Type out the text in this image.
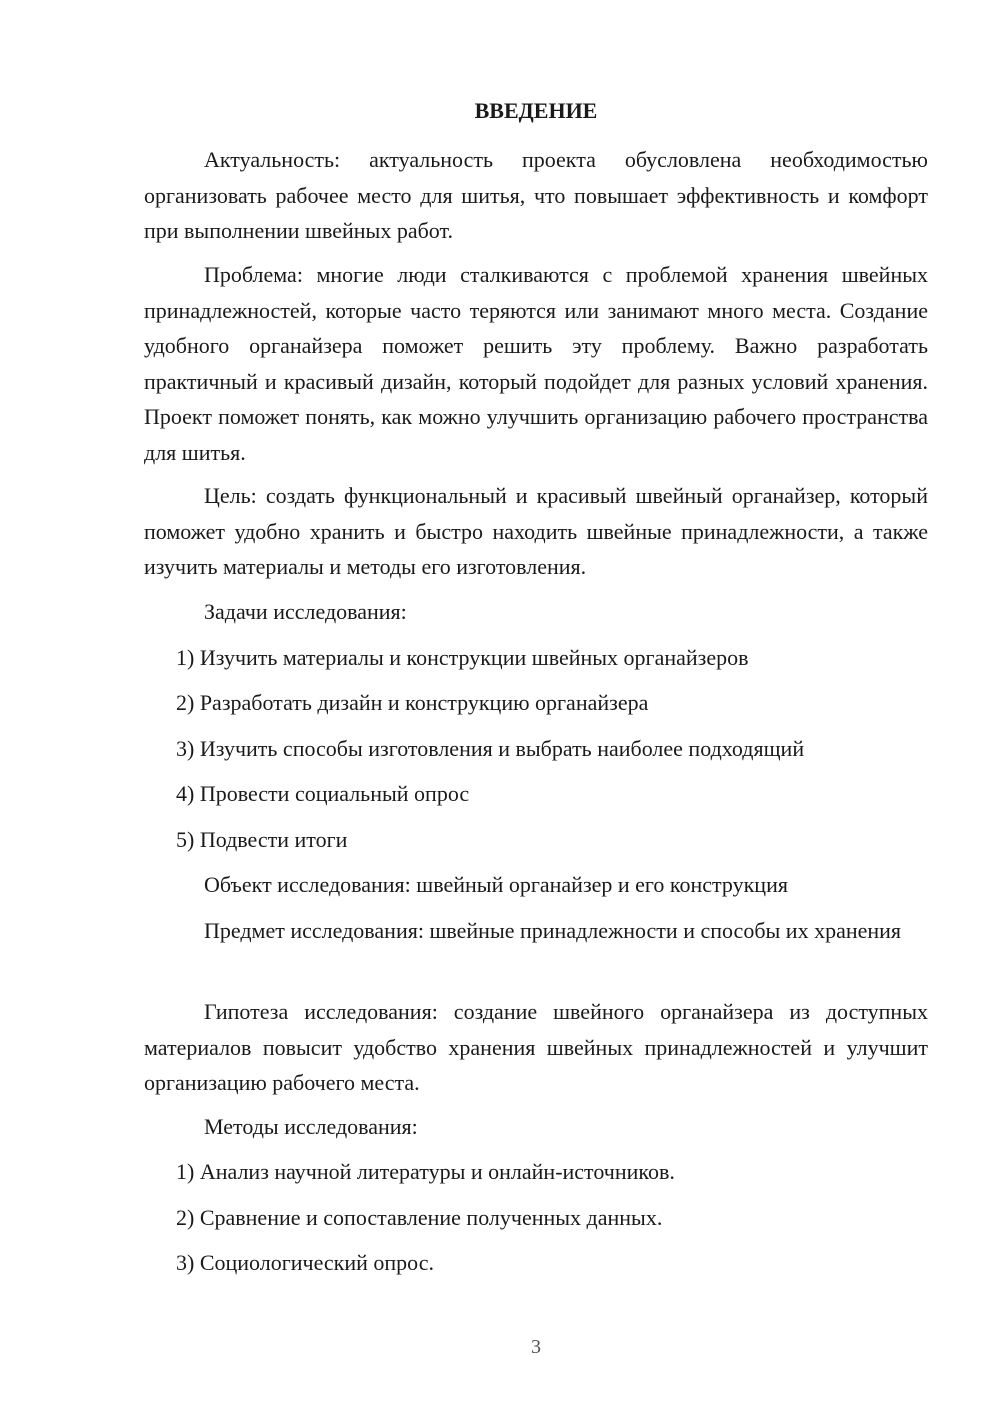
ВВЕДЕНИЕ

Актуальность: актуальность проекта обусловлена необходимостью организовать рабочее место для шитья, что повышает эффективность и комфорт при выполнении швейных работ.

Проблема: многие люди сталкиваются с проблемой хранения швейных принадлежностей, которые часто теряются или занимают много места. Создание удобного органайзера поможет решить эту проблему. Важно разработать практичный и красивый дизайн, который подойдет для разных условий хранения. Проект поможет понять, как можно улучшить организацию рабочего пространства для шитья.

Цель: создать функциональный и красивый швейный органайзер, который поможет удобно хранить и быстро находить швейные принадлежности, а также изучить материалы и методы его изготовления.

Задачи исследования:
1) Изучить материалы и конструкции швейных органайзеров
2) Разработать дизайн и конструкцию органайзера
3) Изучить способы изготовления и выбрать наиболее подходящий
4) Провести социальный опрос
5) Подвести итоги
Объект исследования: швейный органайзер и его конструкция

Предмет исследования: швейные принадлежности и способы их хранения

Гипотеза исследования: создание швейного органайзера из доступных материалов повысит удобство хранения швейных принадлежностей и улучшит организацию рабочего места.

Методы исследования:
1) Анализ научной литературы и онлайн-источников.
2) Сравнение и сопоставление полученных данных.
3) Социологический опрос.
3
